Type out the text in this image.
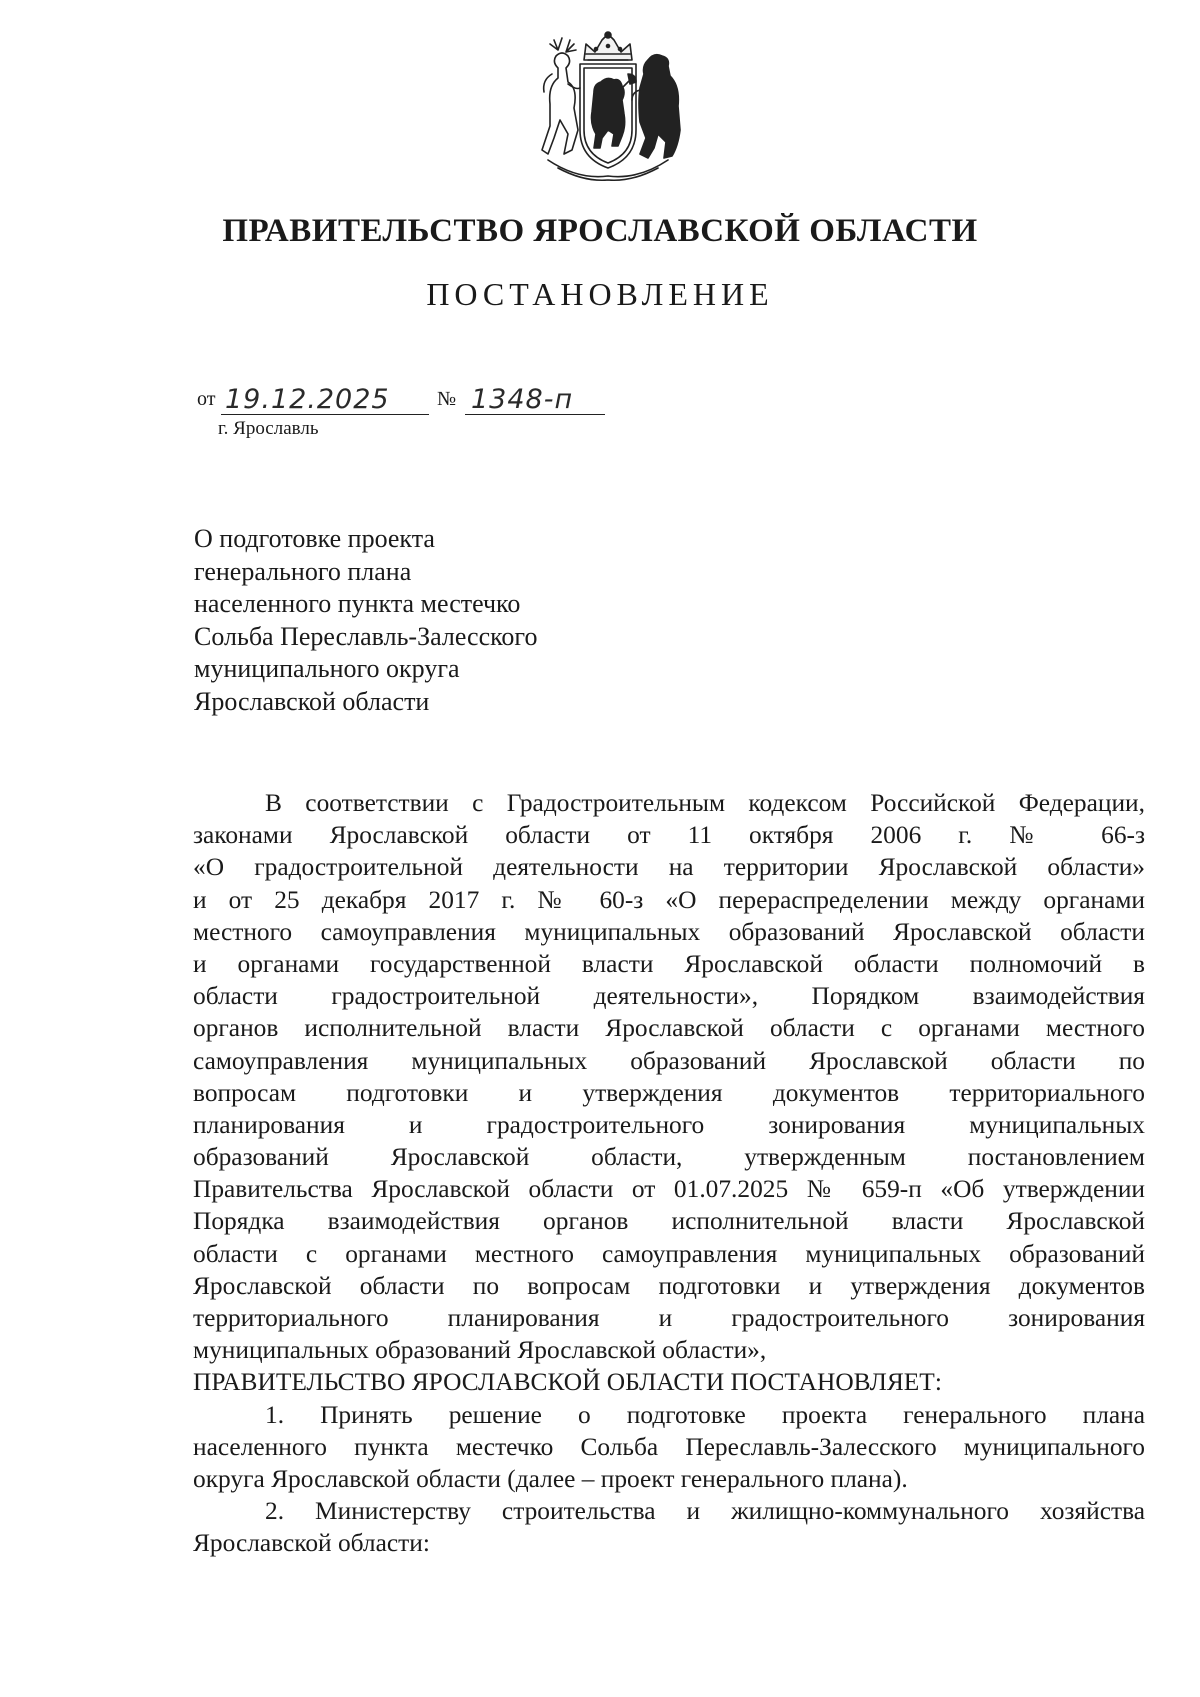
ПРАВИТЕЛЬСТВО ЯРОСЛАВСКОЙ ОБЛАСТИ
ПОСТАНОВЛЕНИЕ
от 19.12.2025 № 1348-п
г. Ярославль
О подготовке проекта
генерального плана
населенного пункта местечко
Сольба Переславль-Залесского
муниципального округа
Ярославской области
В соответствии с Градостроительным кодексом Российской Федерации,
законами Ярославской области от 11 октября 2006 г. № 66-з
«О градостроительной деятельности на территории Ярославской области»
и от 25 декабря 2017 г. № 60-з «О перераспределении между органами
местного самоуправления муниципальных образований Ярославской области
и органами государственной власти Ярославской области полномочий в
области градостроительной деятельности», Порядком взаимодействия
органов исполнительной власти Ярославской области с органами местного
самоуправления муниципальных образований Ярославской области по
вопросам подготовки и утверждения документов территориального
планирования и градостроительного зонирования муниципальных
образований Ярославской области, утвержденным постановлением
Правительства Ярославской области от 01.07.2025 № 659-п «Об утверждении
Порядка взаимодействия органов исполнительной власти Ярославской
области с органами местного самоуправления муниципальных образований
Ярославской области по вопросам подготовки и утверждения документов
территориального планирования и градостроительного зонирования
муниципальных образований Ярославской области»,
ПРАВИТЕЛЬСТВО ЯРОСЛАВСКОЙ ОБЛАСТИ ПОСТАНОВЛЯЕТ:
1. Принять решение о подготовке проекта генерального плана
населенного пункта местечко Сольба Переславль-Залесского муниципального
округа Ярославской области (далее – проект генерального плана).
2. Министерству строительства и жилищно-коммунального хозяйства
Ярославской области:
